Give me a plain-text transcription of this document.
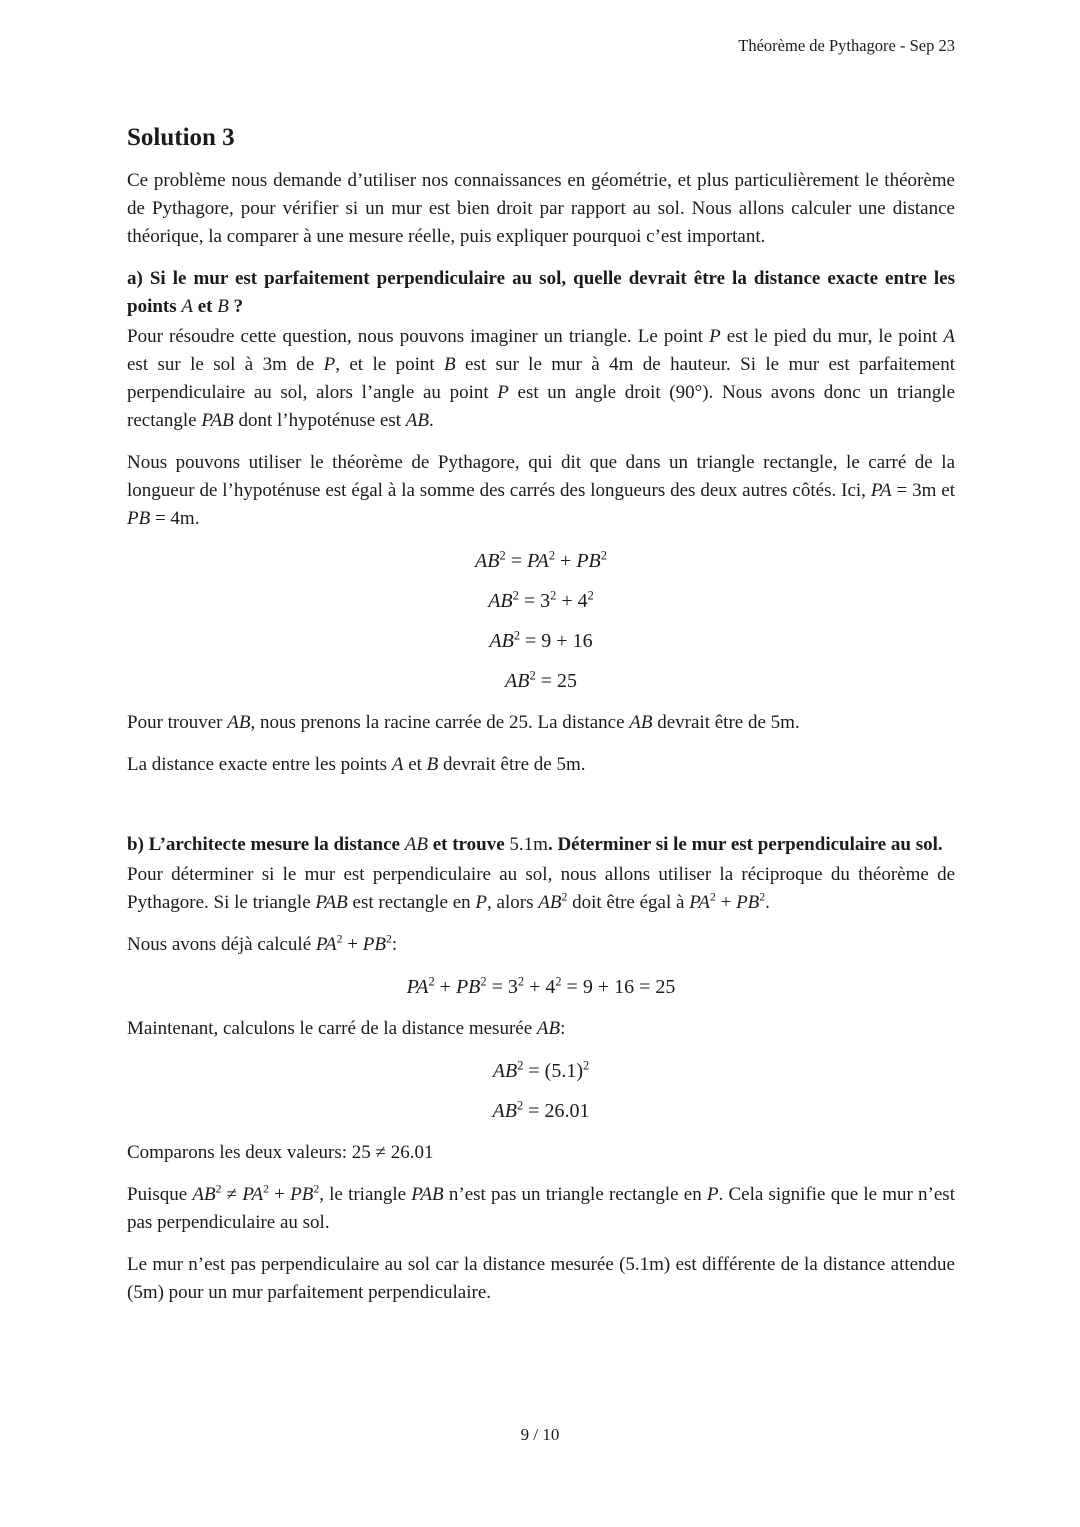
Théorème de Pythagore - Sep 23

Solution 3

Ce problème nous demande d’utiliser nos connaissances en géométrie, et plus particulièrement le théorème de Pythagore, pour vérifier si un mur est bien droit par rapport au sol. Nous allons calculer une distance théorique, la comparer à une mesure réelle, puis expliquer pourquoi c’est important.

a) Si le mur est parfaitement perpendiculaire au sol, quelle devrait être la distance exacte entre les points A et B ?

Pour résoudre cette question, nous pouvons imaginer un triangle. Le point P est le pied du mur, le point A est sur le sol à 3m de P, et le point B est sur le mur à 4m de hauteur. Si le mur est parfaitement perpendiculaire au sol, alors l’angle au point P est un angle droit (90°). Nous avons donc un triangle rectangle PAB dont l’hypoténuse est AB.

Nous pouvons utiliser le théorème de Pythagore, qui dit que dans un triangle rectangle, le carré de la longueur de l’hypoténuse est égal à la somme des carrés des longueurs des deux autres côtés. Ici, PA = 3m et PB = 4m.

$AB^2 = PA^2 + PB^2$
$AB^2 = 3^2 + 4^2$
$AB^2 = 9 + 16$
$AB^2 = 25$

Pour trouver AB, nous prenons la racine carrée de 25. La distance AB devrait être de 5m.

La distance exacte entre les points A et B devrait être de 5m.

b) L’architecte mesure la distance AB et trouve 5.1m. Déterminer si le mur est perpendiculaire au sol.

Pour déterminer si le mur est perpendiculaire au sol, nous allons utiliser la réciproque du théorème de Pythagore. Si le triangle PAB est rectangle en P, alors $AB^2$ doit être égal à $PA^2 + PB^2$.

Nous avons déjà calculé $PA^2 + PB^2$:

$PA^2 + PB^2 = 3^2 + 4^2 = 9 + 16 = 25$

Maintenant, calculons le carré de la distance mesurée AB:

$AB^2 = (5.1)^2$
$AB^2 = 26.01$

Comparons les deux valeurs: 25 ≠ 26.01

Puisque $AB^2 \ne PA^2 + PB^2$, le triangle PAB n’est pas un triangle rectangle en P. Cela signifie que le mur n’est pas perpendiculaire au sol.

Le mur n’est pas perpendiculaire au sol car la distance mesurée (5.1m) est différente de la distance attendue (5m) pour un mur parfaitement perpendiculaire.

9 / 10
